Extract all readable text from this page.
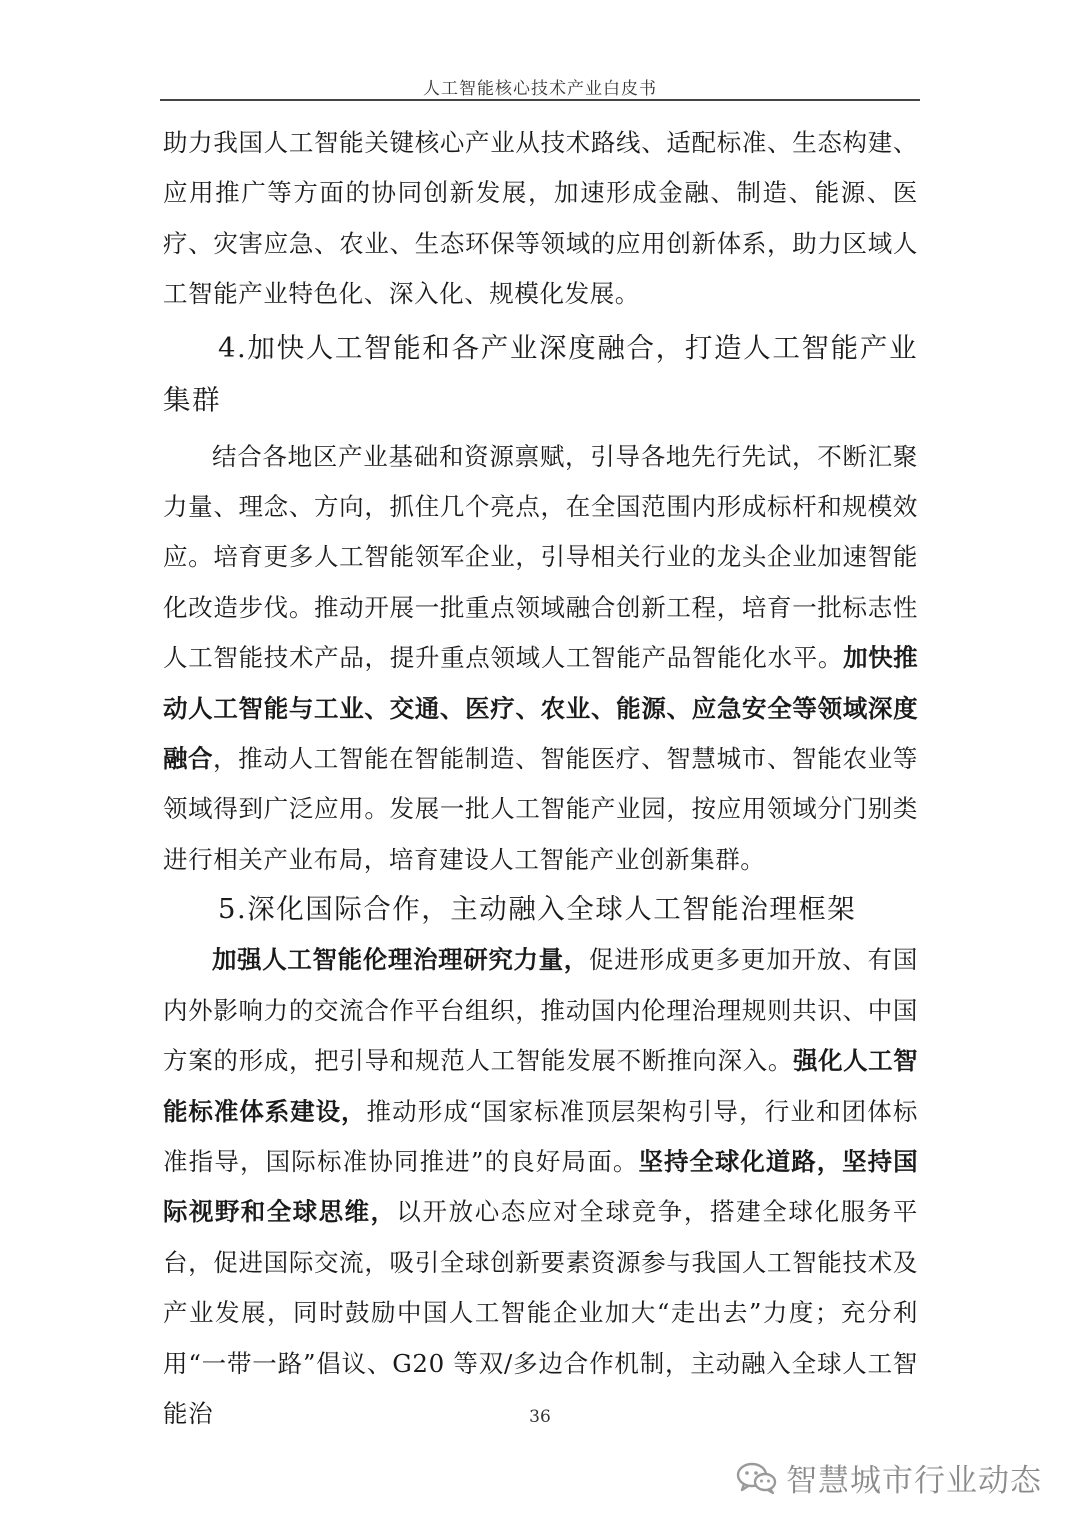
人工智能核心技术产业白皮书

助力我国人工智能关键核心产业从技术路线、适配标准、生态构建、应用推广等方面的协同创新发展，加速形成金融、制造、能源、医疗、灾害应急、农业、生态环保等领域的应用创新体系，助力区域人工智能产业特色化、深入化、规模化发展。

4.加快人工智能和各产业深度融合，打造人工智能产业集群

结合各地区产业基础和资源禀赋，引导各地先行先试，不断汇聚力量、理念、方向，抓住几个亮点，在全国范围内形成标杆和规模效应。培育更多人工智能领军企业，引导相关行业的龙头企业加速智能化改造步伐。推动开展一批重点领域融合创新工程，培育一批标志性人工智能技术产品，提升重点领域人工智能产品智能化水平。加快推动人工智能与工业、交通、医疗、农业、能源、应急安全等领域深度融合，推动人工智能在智能制造、智能医疗、智慧城市、智能农业等领域得到广泛应用。发展一批人工智能产业园，按应用领域分门别类进行相关产业布局，培育建设人工智能产业创新集群。

5.深化国际合作，主动融入全球人工智能治理框架

加强人工智能伦理治理研究力量，促进形成更多更加开放、有国内外影响力的交流合作平台组织，推动国内伦理治理规则共识、中国方案的形成，把引导和规范人工智能发展不断推向深入。强化人工智能标准体系建设，推动形成“国家标准顶层架构引导，行业和团体标准指导，国际标准协同推进”的良好局面。坚持全球化道路，坚持国际视野和全球思维，以开放心态应对全球竞争，搭建全球化服务平台，促进国际交流，吸引全球创新要素资源参与我国人工智能技术及产业发展，同时鼓励中国人工智能企业加大“走出去”力度；充分利用“一带一路”倡议、G20 等双/多边合作机制，主动融入全球人工智能治	36
智慧城市行业动态
